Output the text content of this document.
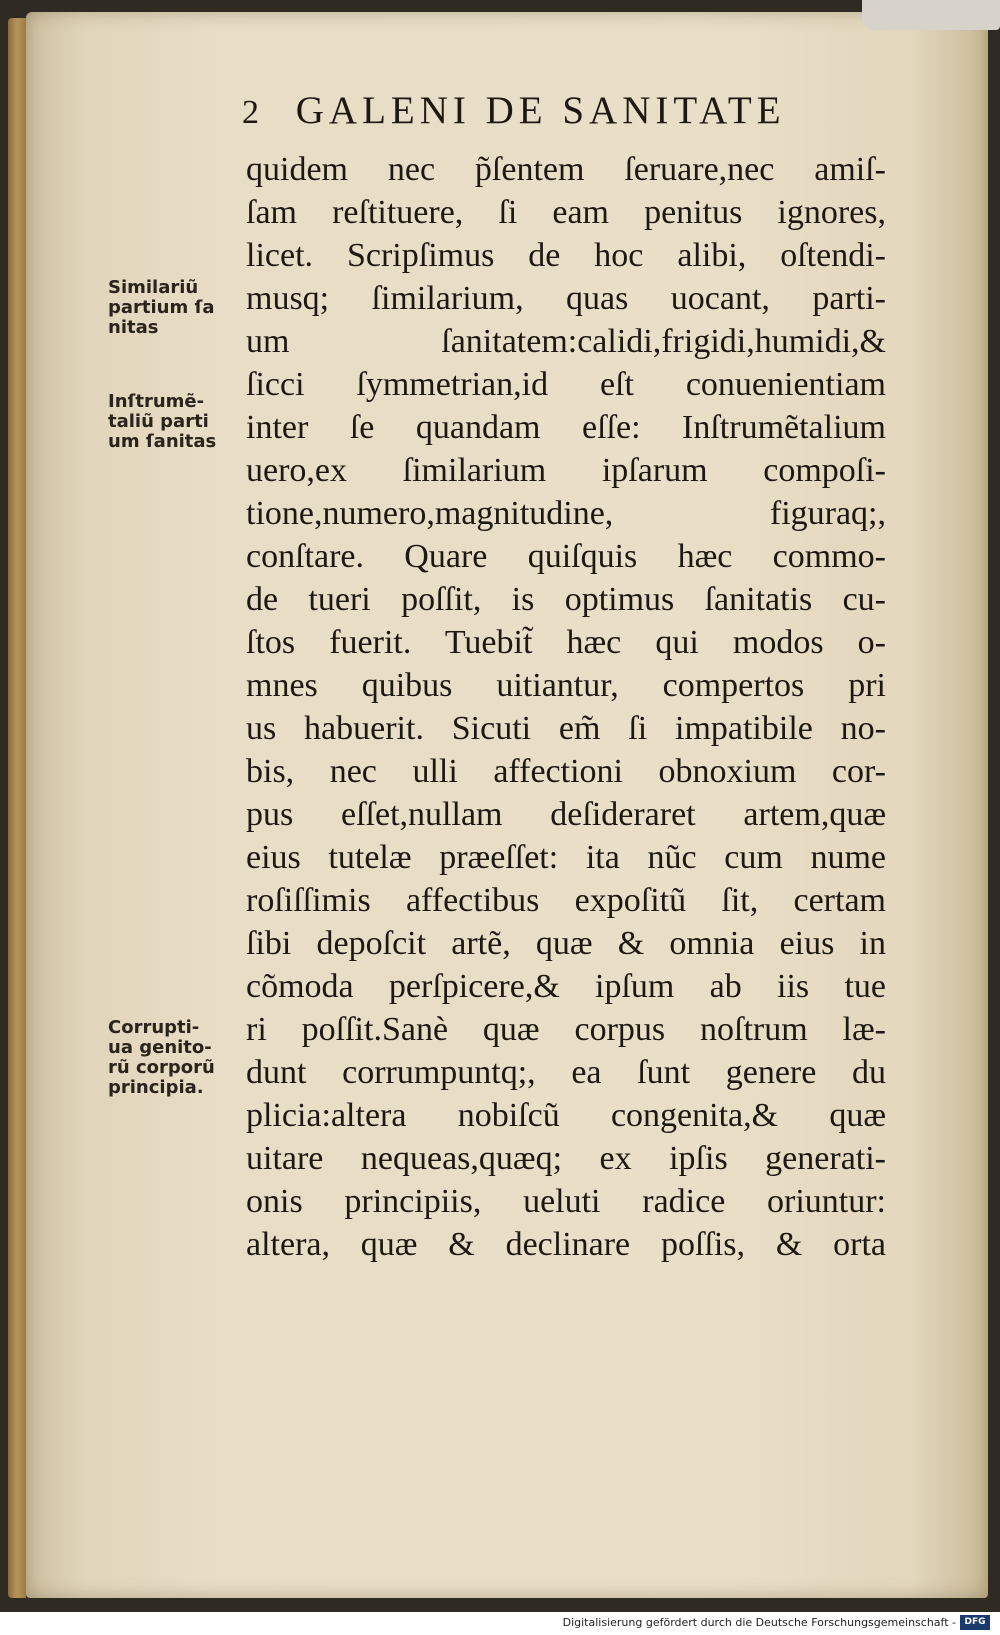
2 GALENI DE SANITATE
quidem nec p̃ſentem ſeruare,nec amiſ-
ſam reſtituere, ſi eam penitus ignores,
licet. Scripſimus de hoc alibi, oſtendi-
musq; ſimilarium, quas uocant, parti-
um ſanitatem:calidi,frigidi,humidi,&
ſicci ſymmetrian,id eſt conuenientiam
inter ſe quandam eſſe: Inſtrumẽtalium
uero,ex ſimilarium ipſarum compoſi-
tione,numero,magnitudine, figuraq;,
conſtare. Quare quiſquis hæc commo-
de tueri poſſit, is optimus ſanitatis cu-
ſtos fuerit. Tuebit̃ hæc qui modos o-
mnes quibus uitiantur, compertos pri
us habuerit. Sicuti em̃ ſi impatibile no-
bis, nec ulli affectioni obnoxium cor-
pus eſſet,nullam deſideraret artem,quæ
eius tutelæ præeſſet: ita nũc cum nume
roſiſſimis affectibus expoſitũ ſit, certam
ſibi depoſcit artẽ, quæ & omnia eius in
cõmoda perſpicere,& ipſum ab iis tue
ri poſſit.Sanè quæ corpus noſtrum læ-
dunt corrumpuntq;, ea ſunt genere du
plicia:altera nobiſcũ congenita,& quæ
uitare nequeas,quæq; ex ipſis generati-
onis principiis, ueluti radice oriuntur:
altera, quæ & declinare poſſis, & orta
Similariũ
partium ſa
nitas
Inſtrumẽ-
taliũ parti
um ſanitas
Corrupti-
ua genito-
rũ corporũ
principia.
Digitalisierung gefördert durch die Deutsche Forschungsgemeinschaft - DFG
